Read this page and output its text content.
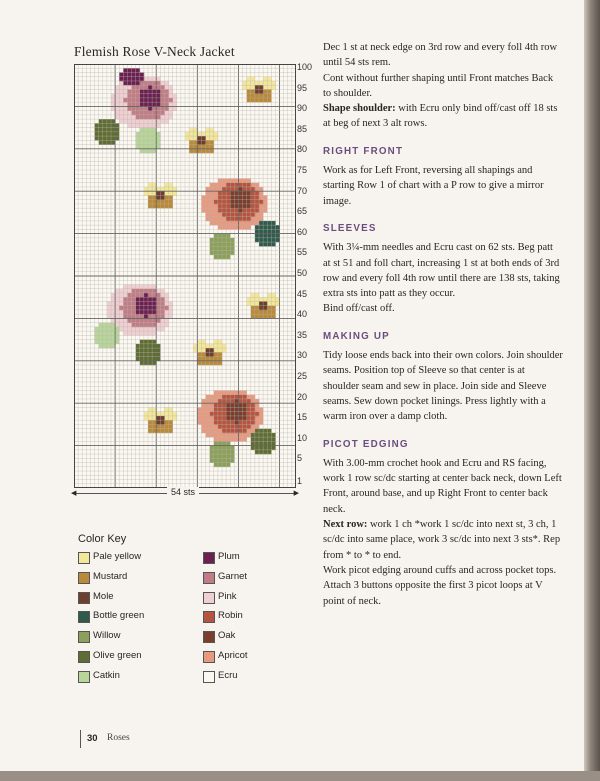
Flemish Rose V-Neck Jacket
100
95
90
85
80
75
70
65
60
55
50
45
40
35
30
25
20
15
10
5
1
◀	▶
54 sts
Color Key
Pale yellow
Mustard
Mole
Bottle green
Willow
Olive green
Catkin
Plum
Garnet
Pink
Robin
Oak
Apricot
Ecru

Dec 1 st at neck edge on 3rd row and every foll 4th row until 54 sts rem.

Cont without further shaping until Front matches Back to shoulder.

Shape shoulder: with Ecru only bind off/cast off 18 sts at beg of next 3 alt rows.

RIGHT FRONT

Work as for Left Front, reversing all shapings and starting Row 1 of chart with a P row to give a mirror image.

SLEEVES

With 3¼-mm needles and Ecru cast on 62 sts. Beg patt at st 51 and foll chart, increasing 1 st at both ends of 3rd row and every foll 4th row until there are 138 sts, taking extra sts into patt as they occur.

Bind off/cast off.

MAKING UP

Tidy loose ends back into their own colors. Join shoulder seams. Position top of Sleeve so that center is at shoulder seam and sew in place. Join side and Sleeve seams. Sew down pocket linings. Press lightly with a warm iron over a damp cloth.

PICOT EDGING

With 3.00-mm crochet hook and Ecru and RS facing, work 1 row sc/dc starting at center back neck, down Left Front, around base, and up Right Front to center back neck.

Next row: work 1 ch *work 1 sc/dc into next st, 3 ch, 1 sc/dc into same place, work 3 sc/dc into next 3 sts*. Rep from * to * to end.

Work picot edging around cuffs and across pocket tops.

Attach 3 buttons opposite the first 3 picot loops at V point of neck.

30 Roses
